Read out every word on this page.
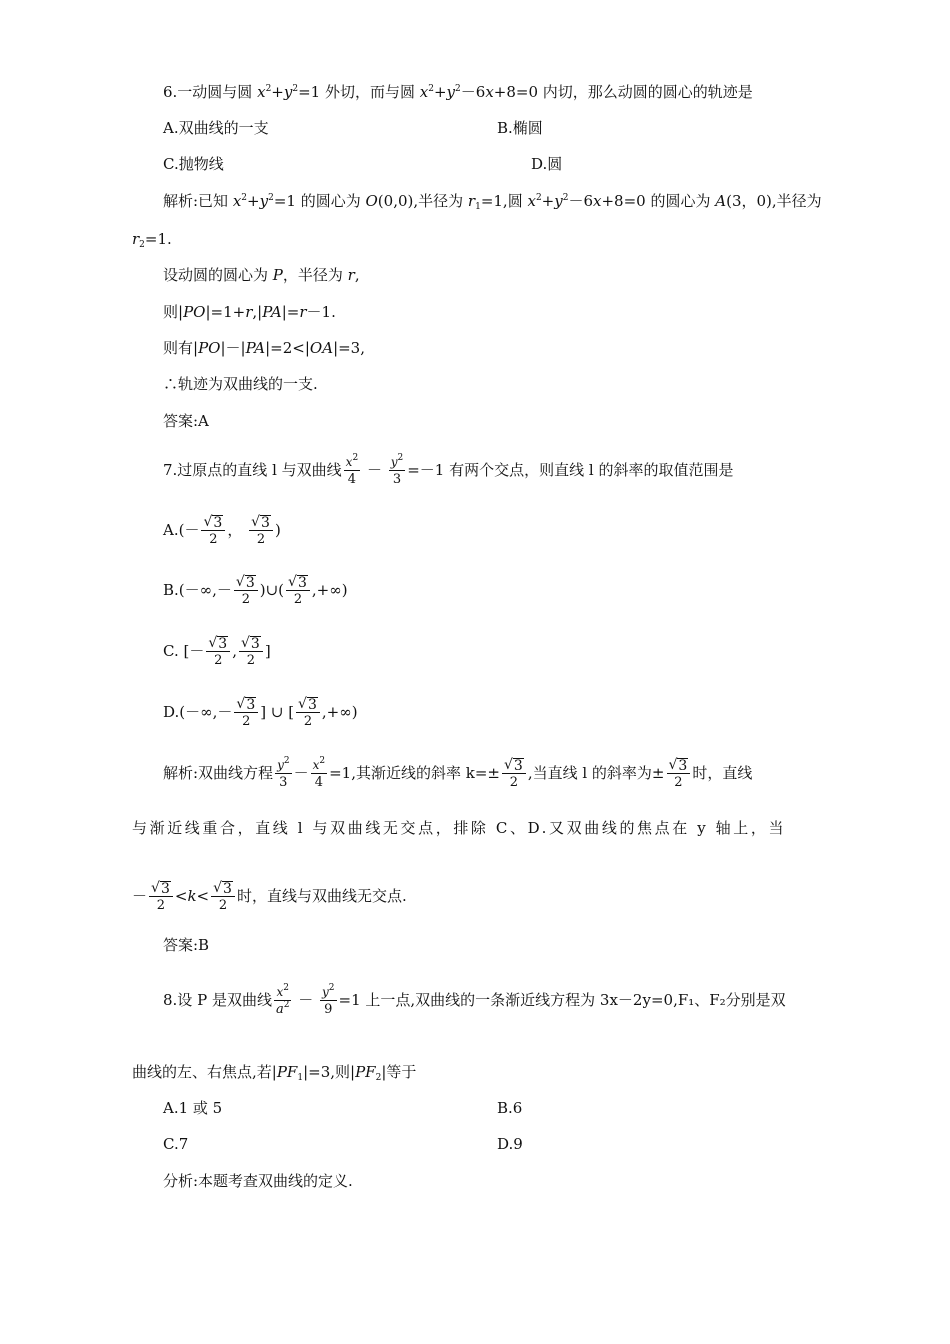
6.一动圆与圆 $x^2+y^2=1$ 外切，而与圆 $x^2+y^2-6x+8=0$ 内切，那么动圆的圆心的轨迹是
A.双曲线的一支	B.椭圆
C.抛物线	D.圆
解析:已知 $x^2+y^2=1$ 的圆心为 O(0,0),半径为 $r_1=1$,圆 $x^2+y^2-6x+8=0$ 的圆心为 A(3，0),半径为
$r_2=1$.
设动圆的圆心为 P，半径为 r,
则|PO|=1+r,|PA|=r－1.
则有|PO|－|PA|=2<|OA|=3,
∴轨迹为双曲线的一支.
答案:A
7.过原点的直线 l 与双曲线 $\frac{x^2}{4} - \frac{y^2}{3} =-1$ 有两个交点，则直线 l 的斜率的取值范围是
$A.(- \frac{√ 3}{2}$ ， $\frac{√ 3}{2}$ )
$B.(-\infty,- \frac{√ 3}{2}$ )∪( $\frac{√ 3}{2}$ ,+∞)
C. [－ $\frac{√ 3}{2}$ , $\frac{√ 3}{2}$ ]
$D.(-\infty,- \frac{√ 3}{2}$ ] ∪ [ $\frac{√ 3}{2}$ ,+∞)
解析:双曲线方程 $\frac{y^2}{3} - \frac{x^2}{4} =1$,其渐近线的斜率 $k=\pm \frac{√ 3}{2}$ ,当直线 l 的斜率为± $\frac{√ 3}{2}$ 时，直线
与渐近线重合，直线 l 与双曲线无交点，排除 C、D.又双曲线的焦点在 y 轴上，当
－ $\frac{√ 3}{2} <k< \frac{√ 3}{2}$ 时，直线与双曲线无交点.
答案:B
8.设 P 是双曲线 $\frac{x^2}{a^2} - \frac{y^2}{9} =1$ 上一点,双曲线的一条渐近线方程为 3x－2y=0,F₁、F₂分别是双
曲线的左、右焦点,若$|PF_1|=3$,则$|PF_2|$等于
A.1 或 5	B.6
C.7	D.9
分析:本题考查双曲线的定义.
